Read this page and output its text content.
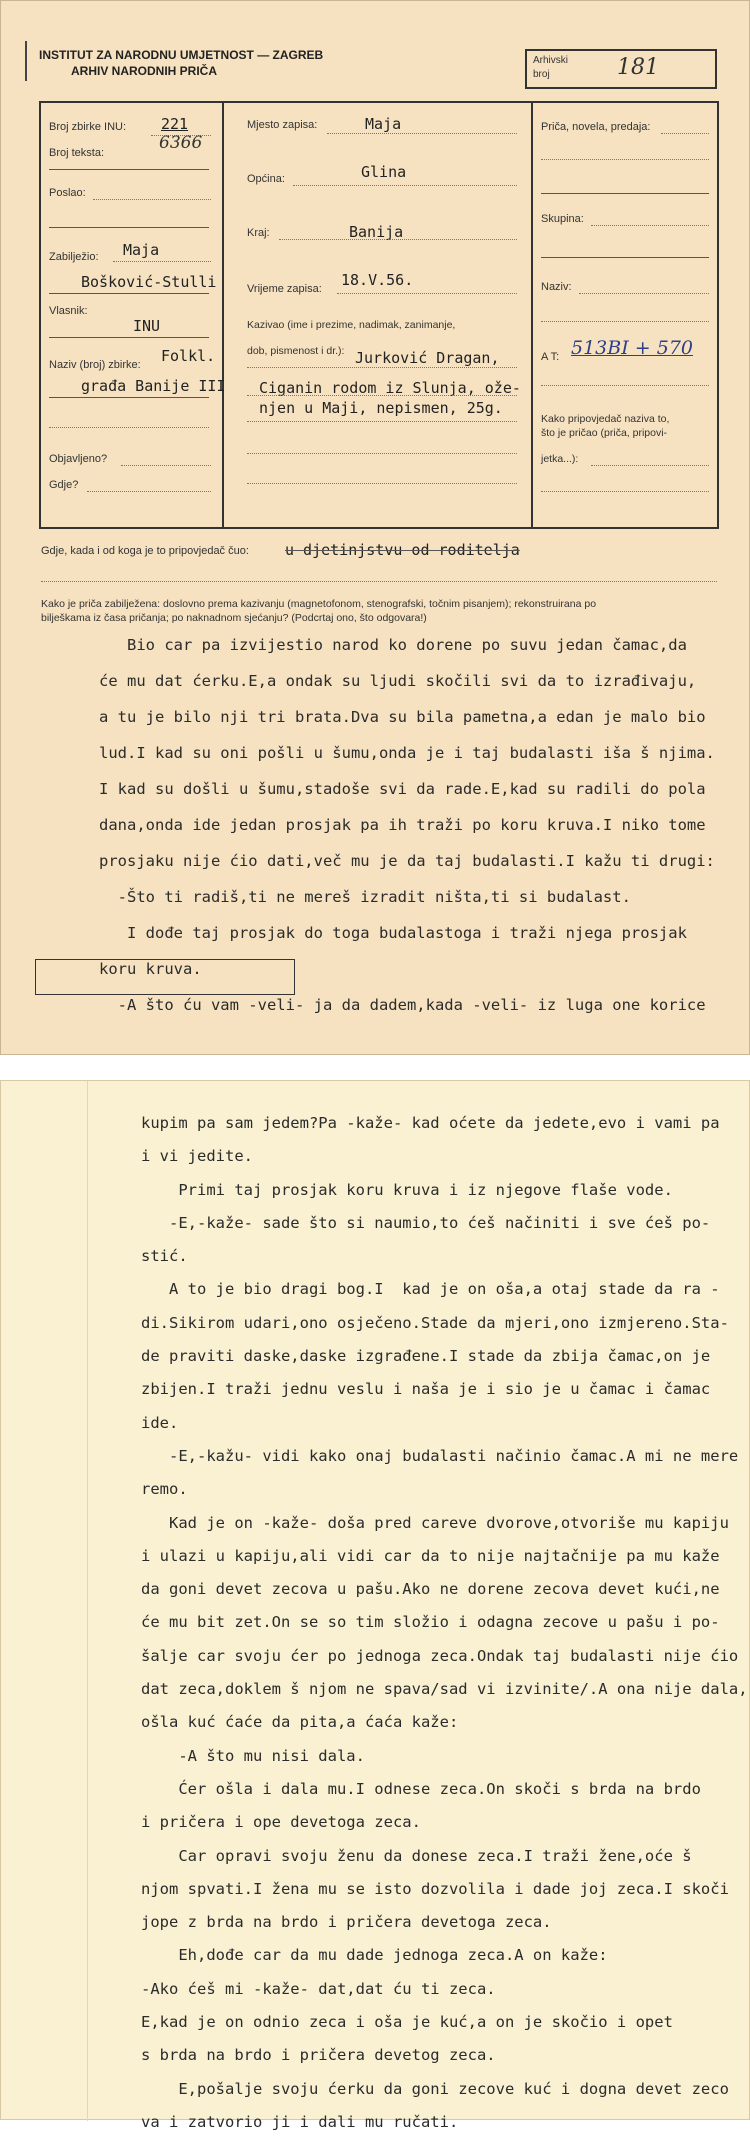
INSTITUT ZA NARODNU UMJETNOST — ZAGREB
ARHIV NARODNIH PRIČA
Arhivski
broj	181
Broj zbirke INU: 221
Broj teksta:	6366
Poslao:
Zabilježio: Maja
Bošković-Stulli
Vlasnik:
INU
Naziv (broj) zbirke: Folkl.
građa Banije III
Objavljeno?
Gdje?
Mjesto zapisa:	Maja
Općina:	Glina
Kraj:	Banija
Vrijeme zapisa: 18.V.56.
Kazivao (ime i prezime, nadimak, zanimanje,
dob, pismenost i dr.): Jurković Dragan,
Ciganin rodom iz Slunja, ože-
njen u Maji, nepismen, 25g.
Priča, novela, predaja:
Skupina:
Naziv:
A T: 513BI + 570
Kako pripovjedač naziva to,
što je pričao (priča, pripovi-
jetka...):
Gdje, kada i od koga je to pripovjedač čuo: u djetinjstvu od roditelja
Kako je priča zabilježena: doslovno prema kazivanju (magnetofonom, stenografski, točnim pisanjem); rekonstruirana po
bilješkama iz časa pričanja; po naknadnom sjećanju? (Podcrtaj ono, što odgovara!)
Bio car pa izvijestio narod ko dorene po suvu jedan čamac,da
će mu dat ćerku.E,a ondak su ljudi skočili svi da to izrađivaju,
a tu je bilo nji tri brata.Dva su bila pametna,a edan je malo bio
lud.I kad su oni pošli u šumu,onda je i taj budalasti išа š njima.
I kad su došli u šumu,stadoše svi da rade.E,kad su radili do pola
dana,onda ide jedan prosjak pa ih traži po koru kruva.I niko tome
prosjaku nije ćio dati,več mu je da taj budalasti.I kažu ti drugi:
-Što ti radiš,ti ne mereš izradit ništa,ti si budalast.
I dođe taj prosjak do toga budalastoga i traži njega prosjak
koru kruva.
-A što ću vam -veli- ja da dadem,kada -veli- iz luga one korice
kupim pa sam jedem?Pa -kaže- kad oćete da jedete,evo i vami pa
i vi jedite.
Primi taj prosjak koru kruva i iz njegove flaše vode.
-E,-kaže- sade što si naumio,to ćeš načiniti i sve ćeš po-
stić.
A to je bio dragi bog.I  kad je on ošа,a otaj stade da ra -
di.Sikirom udari,ono osječeno.Stade da mjeri,ono izmjereno.Sta-
de praviti daske,daske izgrađene.I stade da zbija čamac,on je
zbijen.I traži jednu veslu i naša je i sio je u čamac i čamac
ide.
-E,-kažu- vidi kako onaj budalasti načinio čamac.A mi ne mere
remo.
Kad je on -kaže- doša pred careve dvorove,otvoriše mu kapiju
i ulazi u kapiju,ali vidi car da to nije najtačnije pa mu kaže
da goni devet zecova u pašu.Ako ne dorene zecova devet kući,ne
će mu bit zet.On se so tim složio i odagna zecove u pašu i po-
šalje car svoju ćer po jednoga zeca.Ondak taj budalasti nije ćio
dat zeca,doklem š njom ne spava/sad vi izvinite/.A ona nije dala,
ošla kuć ćaće da pita,a ćaća kaže:
-A što mu nisi dala.
Ćer ošla i dala mu.I odnese zeca.On skoči s brda na brdo
i pričera i ope devetoga zeca.
Car opravi svoju ženu da donese zeca.I traži žene,oće š
njom spvati.I žena mu se isto dozvolila i dade joj zeca.I skoči
jope z brda na brdo i pričera devetoga zeca.
Eh,dođe car da mu dade jednoga zeca.A on kaže:
-Ako ćeš mi -kaže- dat,dat ću ti zeca.
E,kad je on odnio zeca i oša je kuć,a on je skočio i opet
s brda na brdo i pričera devetog zeca.
E,pošalje svoju ćerku da goni zecove kuć i dogna devet zeco
va i zatvorio ji i dali mu ručati.
